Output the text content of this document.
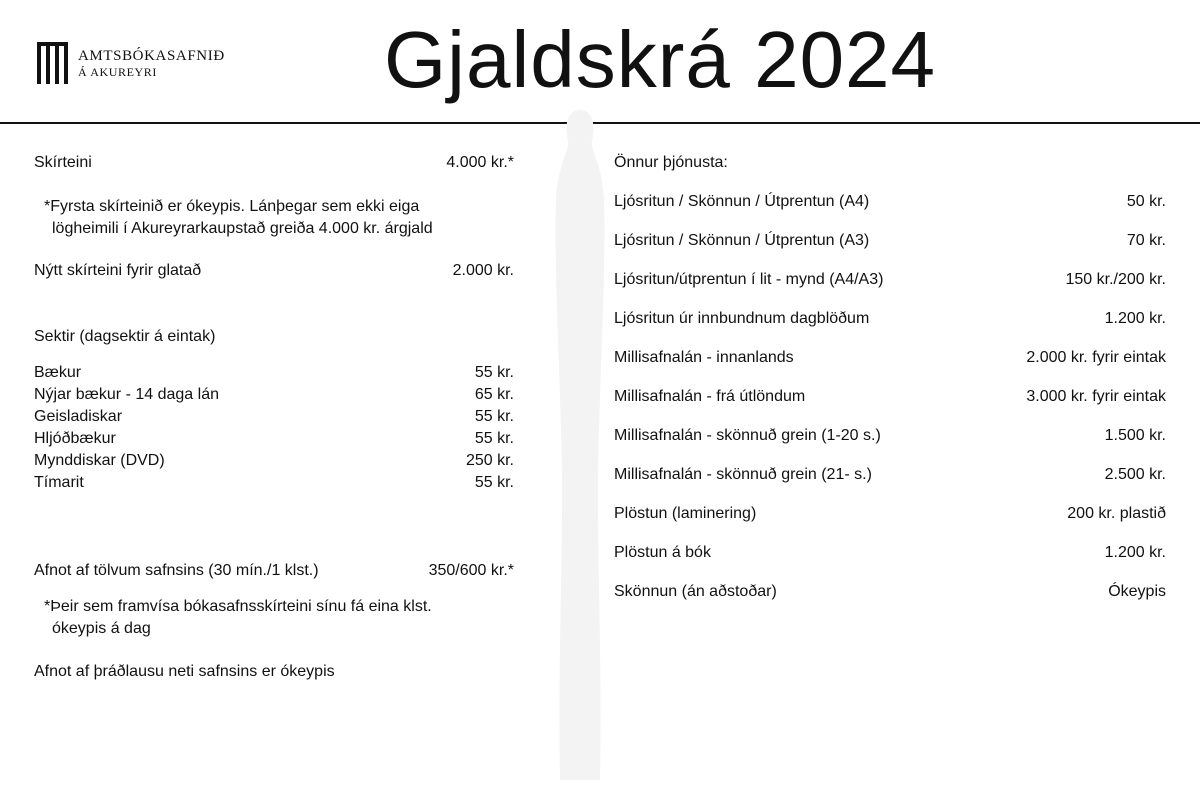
AMTSBÓKASAFNIÐ
Á AKUREYRI	Gjaldskrá 2024
Skírteini	4.000 kr.*
*Fyrsta skírteinið er ókeypis. Lánþegar sem ekki eiga
lögheimili í Akureyrarkaupstað greiða 4.000 kr. árgjald
Nýtt skírteini fyrir glatað	2.000 kr.
Sektir (dagsektir á eintak)
Bækur	55 kr.
Nýjar bækur - 14 daga lán	65 kr.
Geisladiskar	55 kr.
Hljóðbækur	55 kr.
Mynddiskar (DVD)	250 kr.
Tímarit	55 kr.
Afnot af tölvum safnsins (30 mín./1 klst.)	350/600 kr.*
*Þeir sem framvísa bókasafnsskírteini sínu fá eina klst.
ókeypis á dag
Afnot af þráðlausu neti safnsins er ókeypis
Önnur þjónusta:
Ljósritun / Skönnun / Útprentun (A4)	50 kr.
Ljósritun / Skönnun / Útprentun (A3)	70 kr.
Ljósritun/útprentun í lit - mynd (A4/A3)	150 kr./200 kr.
Ljósritun úr innbundnum dagblöðum	1.200 kr.
Millisafnalán - innanlands	2.000 kr. fyrir eintak
Millisafnalán - frá útlöndum	3.000 kr. fyrir eintak
Millisafnalán - skönnuð grein (1-20 s.)	1.500 kr.
Millisafnalán - skönnuð grein (21- s.)	2.500 kr.
Plöstun (laminering)	200 kr. plastið
Plöstun á bók	1.200 kr.
Skönnun (án aðstoðar)	Ókeypis
